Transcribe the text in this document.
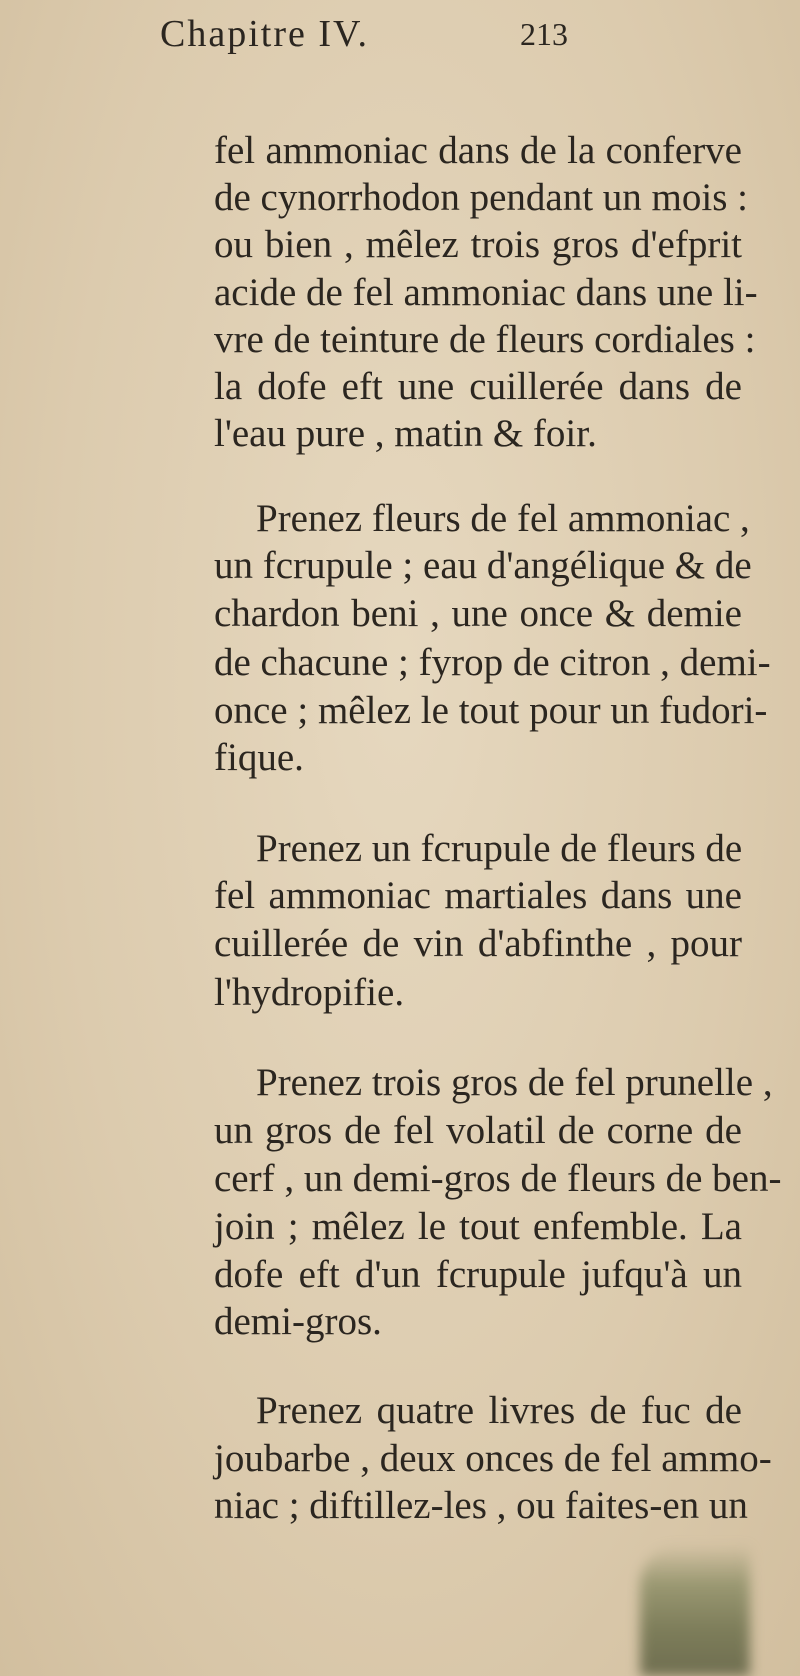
Chapitre IV.	213
fel ammoniac dans de la conferve
de cynorrhodon pendant un mois :
ou bien , mêlez trois gros d'efprit
acide de fel ammoniac dans une li-
vre de teinture de fleurs cordiales :
la dofe eft une cuillerée dans de
l'eau pure , matin & foir.
Prenez fleurs de fel ammoniac ,
un fcrupule ; eau d'angélique & de
chardon beni , une once & demie
de chacune ; fyrop de citron , demi-
once ; mêlez le tout pour un fudori-
fique.
Prenez un fcrupule de fleurs de
fel ammoniac martiales dans une
cuillerée de vin d'abfinthe , pour
l'hydropifie.
Prenez trois gros de fel prunelle ,
un gros de fel volatil de corne de
cerf , un demi-gros de fleurs de ben-
join ; mêlez le tout enfemble. La
dofe eft d'un fcrupule jufqu'à un
demi-gros.
Prenez quatre livres de fuc de
joubarbe , deux onces de fel ammo-
niac ; diftillez-les , ou faites-en un
